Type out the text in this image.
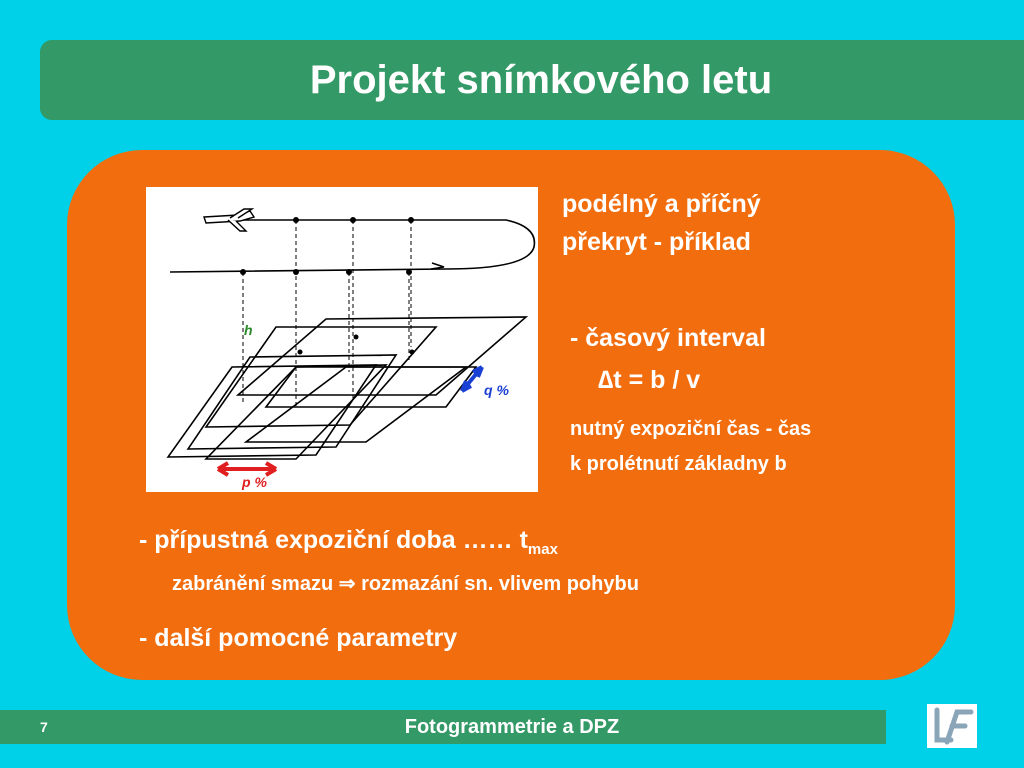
Projekt snímkového letu
h
q %
p %

podélný a příčný

překryt - příklad

- časový interval

∆t = b / v

nutný expoziční čas - čas

k prolétnutí základny b

- přípustná expoziční doba …… $t_{max}$

zabránění smazu ⇒ rozmazání sn. vlivem pohybu

- další pomocné parametry

7	Fotogrammetrie a DPZ
